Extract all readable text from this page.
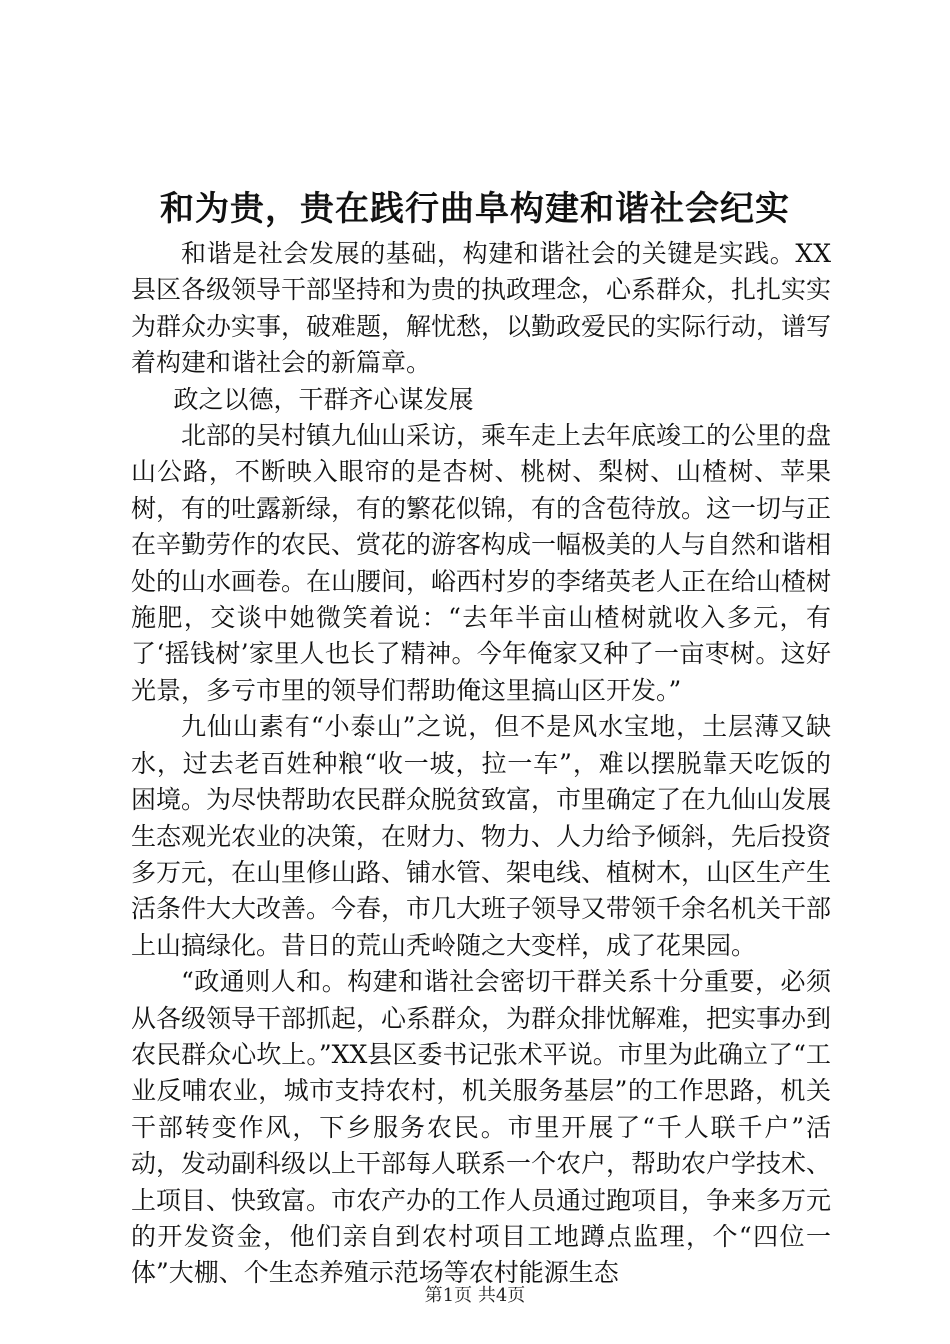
和为贵，贵在践行曲阜构建和谐社会纪实

和谐是社会发展的基础，构建和谐社会的关键是实践。XX县区各级领导干部坚持和为贵的执政理念，心系群众，扎扎实实为群众办实事，破难题，解忧愁，以勤政爱民的实际行动，谱写着构建和谐社会的新篇章。

政之以德，干群齐心谋发展

北部的吴村镇九仙山采访，乘车走上去年底竣工的公里的盘山公路，不断映入眼帘的是杏树、桃树、梨树、山楂树、苹果树，有的吐露新绿，有的繁花似锦，有的含苞待放。这一切与正在辛勤劳作的农民、赏花的游客构成一幅极美的人与自然和谐相处的山水画卷。在山腰间，峪西村岁的李绪英老人正在给山楂树施肥，交谈中她微笑着说：“去年半亩山楂树就收入多元，有了‘摇钱树’家里人也长了精神。今年俺家又种了一亩枣树。这好光景，多亏市里的领导们帮助俺这里搞山区开发。”

九仙山素有“小泰山”之说，但不是风水宝地，土层薄又缺水，过去老百姓种粮“收一坡，拉一车”，难以摆脱靠天吃饭的困境。为尽快帮助农民群众脱贫致富，市里确定了在九仙山发展生态观光农业的决策，在财力、物力、人力给予倾斜，先后投资多万元，在山里修山路、铺水管、架电线、植树木，山区生产生活条件大大改善。今春，市几大班子领导又带领千余名机关干部上山搞绿化。昔日的荒山秃岭随之大变样，成了花果园。

“政通则人和。构建和谐社会密切干群关系十分重要，必须从各级领导干部抓起，心系群众，为群众排忧解难，把实事办到农民群众心坎上。”XX县区委书记张术平说。市里为此确立了“工业反哺农业，城市支持农村，机关服务基层”的工作思路，机关干部转变作风，下乡服务农民。市里开展了“千人联千户”活动，发动副科级以上干部每人联系一个农户，帮助农户学技术、上项目、快致富。市农产办的工作人员通过跑项目，争来多万元的开发资金，他们亲自到农村项目工地蹲点监理，个“四位一体”大棚、个生态养殖示范场等农村能源生态

第1页 共4页
